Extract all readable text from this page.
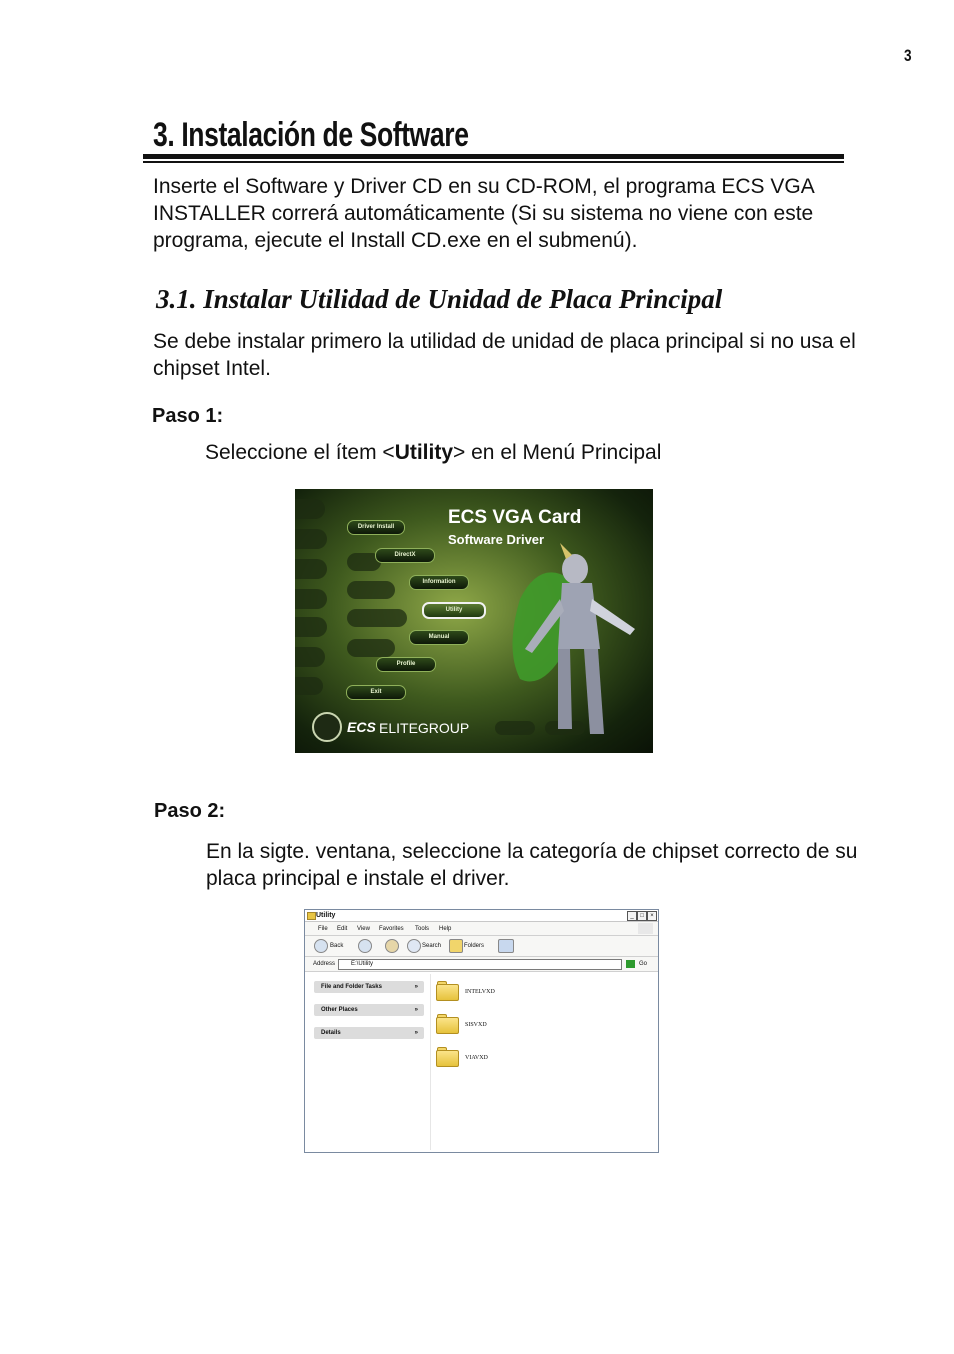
3
3. Instalación de Software
Inserte el Software y Driver CD en su CD-ROM, el programa ECS VGA INSTALLER correrá automáticamente (Si su sistema no viene con este programa, ejecute el Install CD.exe en el submenú).
3.1. Instalar Utilidad de Unidad de Placa Principal
Se debe instalar primero la utilidad de unidad de placa principal si no usa el chipset Intel.
Paso 1:
Seleccione el ítem <Utility> en el Menú Principal
ECS VGA Card
Software Driver
Driver Install
DirectX
Information
Utility
Manual
Profile
Exit
ECS ELITEGROUP
Paso 2:
En la sigte. ventana, seleccione la categoría de chipset correcto de su placa principal e instale el driver.
Utility	_	□	×
File Edit View Favorites Tools Help
Back	Search	Folders
Address	E:\Utility	Go
File and Folder Tasks	»
Other Places	»
Details	»
INTELVXD
SISVXD
VIAVXD
